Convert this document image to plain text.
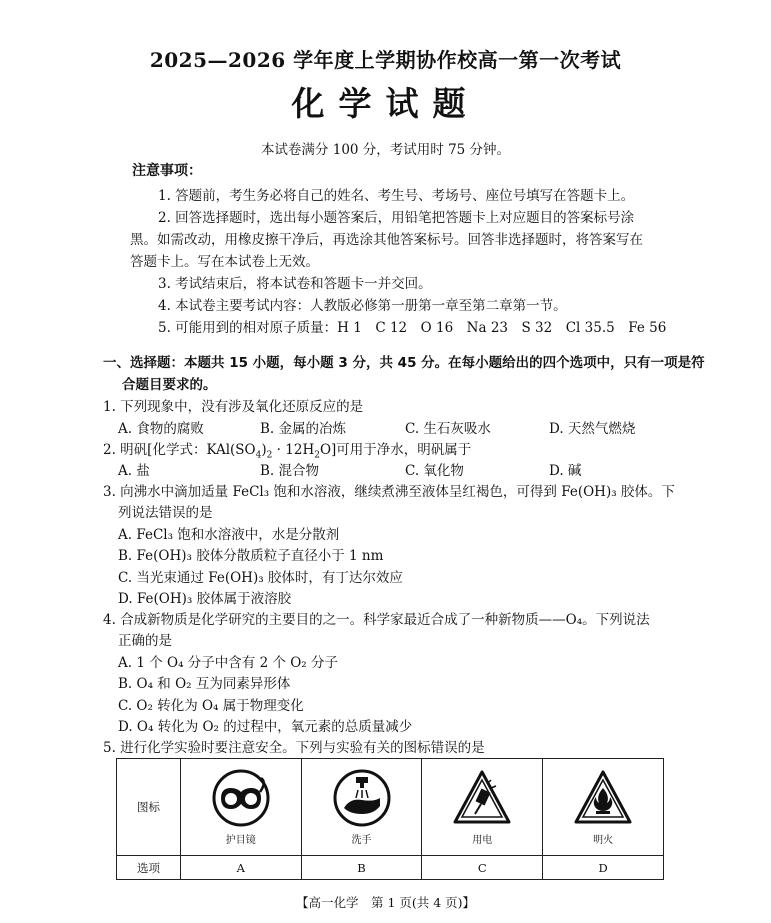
2025—2026 学年度上学期协作校高一第一次考试
化学试题
本试卷满分 100 分，考试用时 75 分钟。
注意事项：
1. 答题前，考生务必将自己的姓名、考生号、考场号、座位号填写在答题卡上。
2. 回答选择题时，选出每小题答案后，用铅笔把答题卡上对应题目的答案标号涂
黑。如需改动，用橡皮擦干净后，再选涂其他答案标号。回答非选择题时，将答案写在
答题卡上。写在本试卷上无效。
3. 考试结束后，将本试卷和答题卡一并交回。
4. 本试卷主要考试内容：人教版必修第一册第一章至第二章第一节。
5. 可能用到的相对原子质量：H 1　C 12　O 16　Na 23　S 32　Cl 35.5　Fe 56
一、选择题：本题共 15 小题，每小题 3 分，共 45 分。在每小题给出的四个选项中，只有一项是符
合题目要求的。
1. 下列现象中，没有涉及氧化还原反应的是
A. 食物的腐败	B. 金属的冶炼	C. 生石灰吸水	D. 天然气燃烧
2. 明矾[化学式：$KAl(SO_4)_2 \cdot 12H_2O$]可用于净水，明矾属于
A. 盐	B. 混合物	C. 氧化物	D. 碱
3. 向沸水中滴加适量 FeCl₃ 饱和水溶液，继续煮沸至液体呈红褐色，可得到 Fe(OH)₃ 胶体。下
列说法错误的是
A. FeCl₃ 饱和水溶液中，水是分散剂
B. Fe(OH)₃ 胶体分散质粒子直径小于 1 nm
C. 当光束通过 Fe(OH)₃ 胶体时，有丁达尔效应
D. Fe(OH)₃ 胶体属于液溶胶
4. 合成新物质是化学研究的主要目的之一。科学家最近合成了一种新物质——O₄。下列说法
正确的是
A. 1 个 O₄ 分子中含有 2 个 O₂ 分子
B. O₄ 和 O₂ 互为同素异形体
C. O₂ 转化为 O₄ 属于物理变化
D. O₄ 转化为 O₂ 的过程中，氧元素的总质量减少
5. 进行化学实验时要注意安全。下列与实验有关的图标错误的是
图标	护目镜	洗手	用电	明火

选项	A	B	C	D
【高一化学　第 1 页(共 4 页)】
